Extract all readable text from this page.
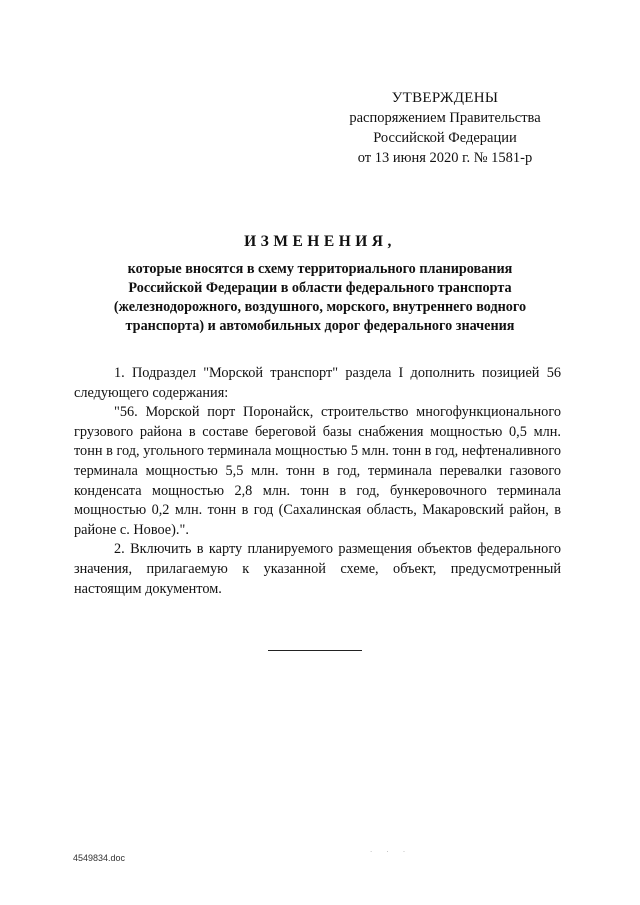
УТВЕРЖДЕНЫ
распоряжением Правительства
Российской Федерации
от 13 июня 2020 г. № 1581-р
ИЗМЕНЕНИЯ,
которые вносятся в схему территориального планирования
Российской Федерации в области федерального транспорта
(железнодорожного, воздушного, морского, внутреннего водного
транспорта) и автомобильных дорог федерального значения

1. Подраздел "Морской транспорт" раздела I дополнить позицией 56 следующего содержания:

"56. Морской порт Поронайск, строительство многофункционального грузового района в составе береговой базы снабжения мощностью 0,5 млн. тонн в год, угольного терминала мощностью 5 млн. тонн в год, нефтеналивного терминала мощностью 5,5 млн. тонн в год, терминала перевалки газового конденсата мощностью 2,8 млн. тонн в год, бункеровочного терминала мощностью 0,2 млн. тонн в год (Сахалинская область, Макаровский район, в районе с. Новое).".

2. Включить в карту планируемого размещения объектов федерального значения, прилагаемую к указанной схеме, объект, предусмотренный настоящим документом.

· · ·
4549834.doc
